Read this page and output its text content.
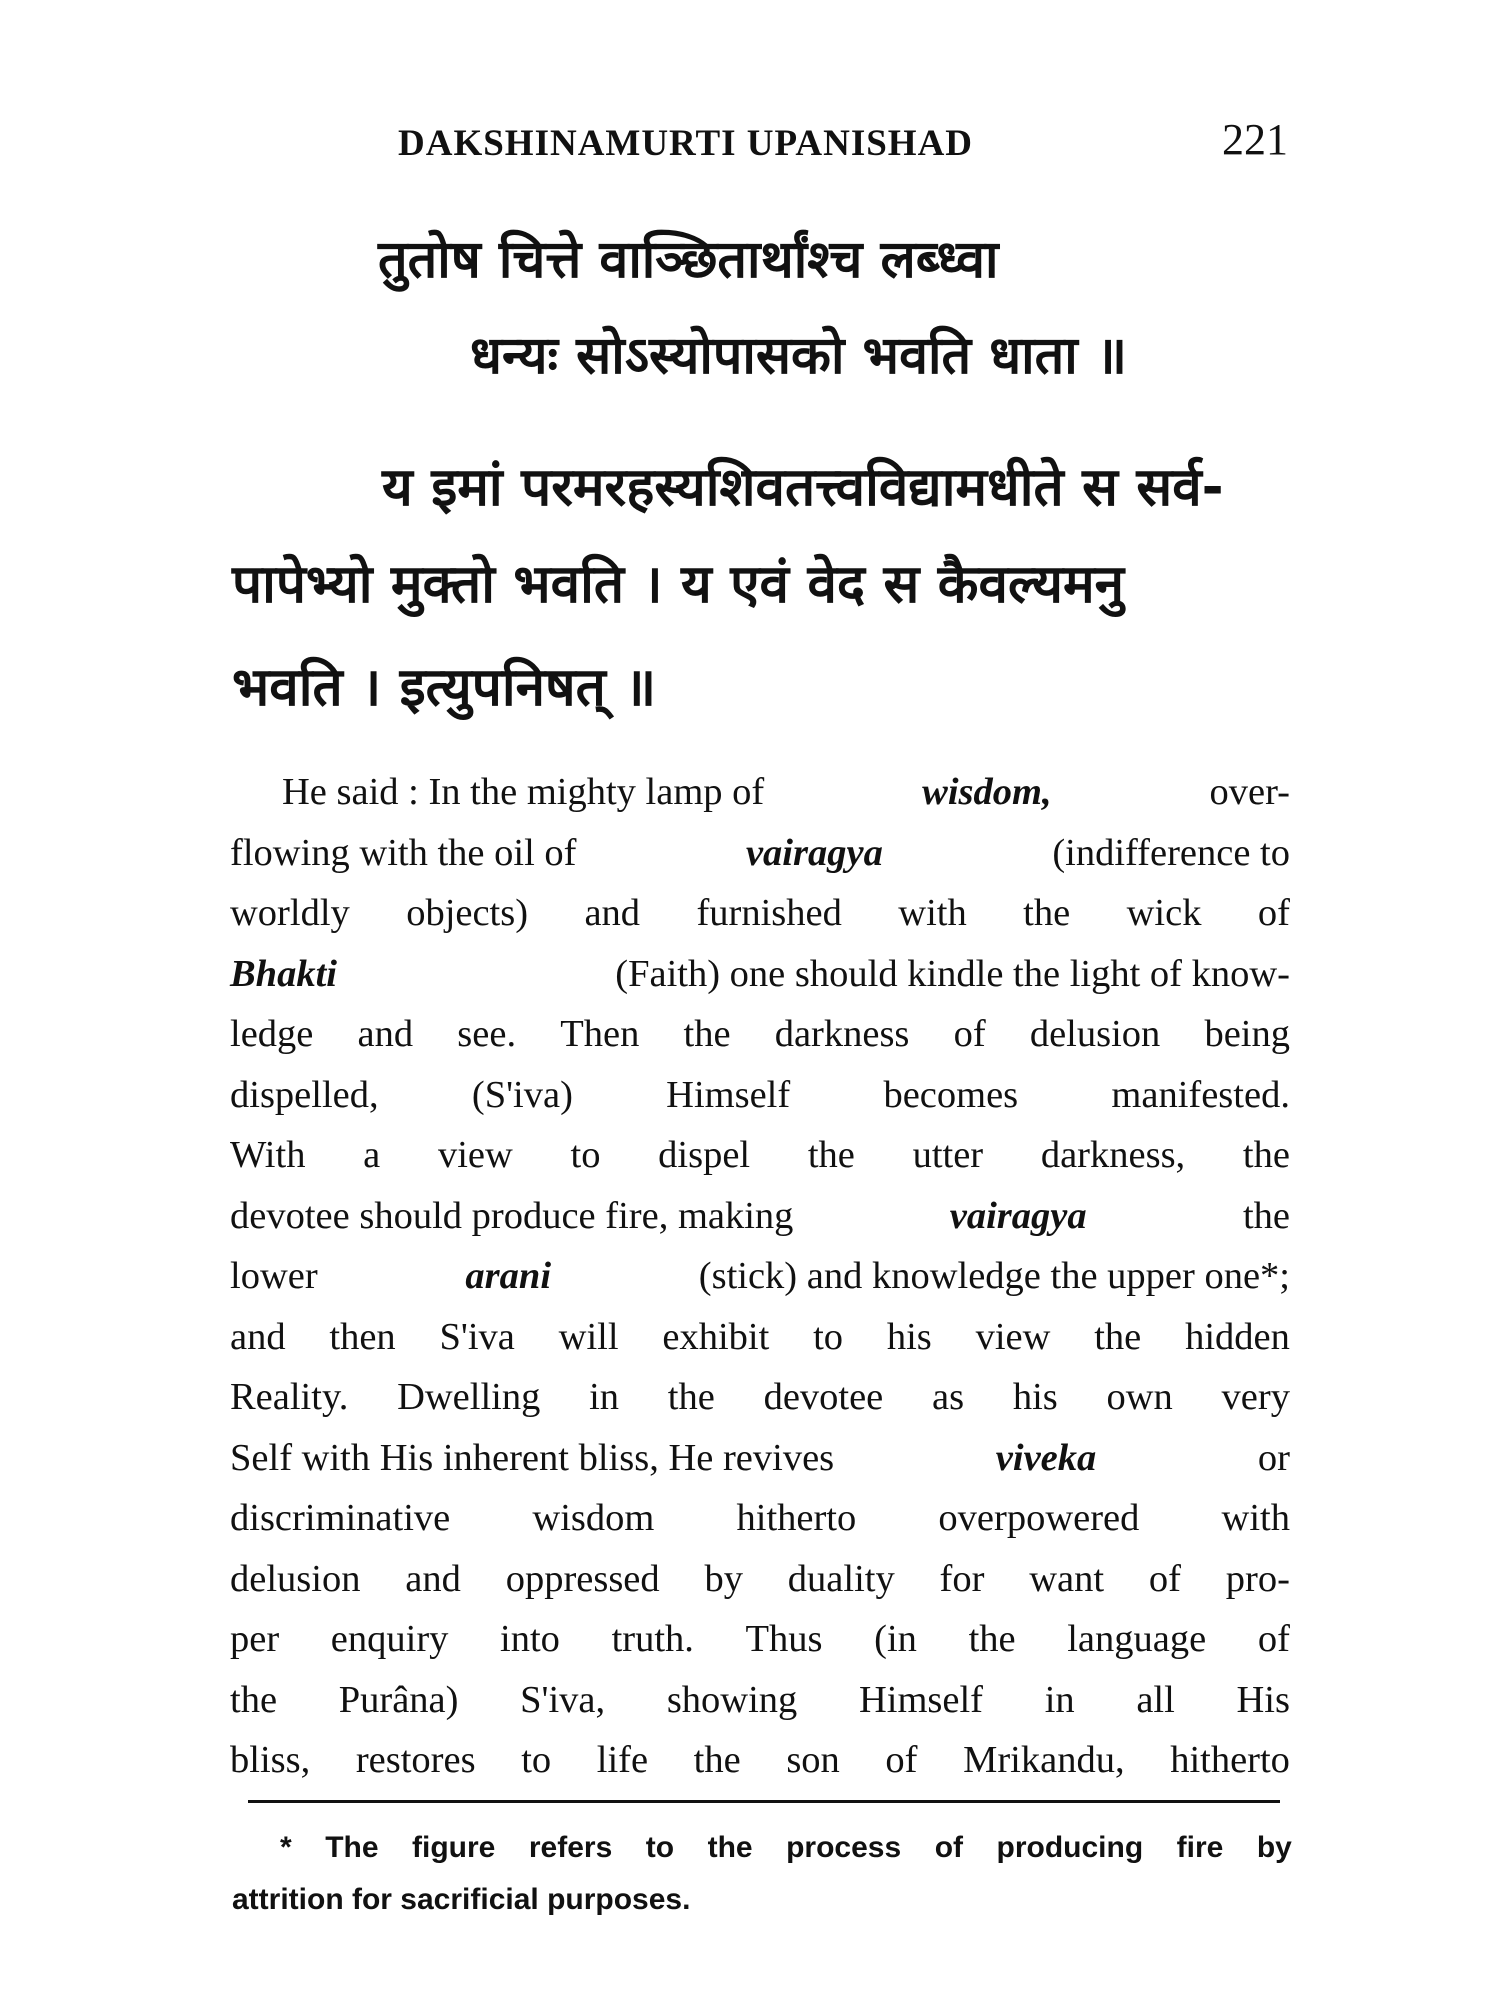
DAKSHINAMURTI UPANISHAD	221
तुतोष चित्ते वाञ्छितार्थांश्च लब्ध्वा
धन्यः सोऽस्योपासको भवति धाता ॥
य इमां परमरहस्यशिवतत्त्वविद्यामधीते स सर्व-
पापेभ्यो मुक्तो भवति । य एवं वेद स कैवल्यमनु
भवति । इत्युपनिषत् ॥
He said : In the mighty lamp of	wisdom,	over-
flowing with the oil of	vairagya	(indifference to
worldly objects) and furnished with the wick of
Bhakti	(Faith) one should kindle the light of know-
ledge and see. Then the darkness of delusion being
dispelled, (S'iva) Himself becomes manifested.
With a view to dispel the utter darkness, the
devotee should produce fire, making	vairagya	the
lower	arani	(stick) and knowledge the upper one*;
and then S'iva will exhibit to his view the hidden
Reality. Dwelling in the devotee as his own very
Self with His inherent bliss, He revives	viveka	or
discriminative wisdom hitherto overpowered with
delusion and oppressed by duality for want of pro-
per enquiry into truth. Thus (in the language of
the Purâna) S'iva, showing Himself in all His
bliss, restores to life the son of Mrikandu, hitherto
* The figure refers to the process of producing fire by
attrition for sacrificial purposes.
